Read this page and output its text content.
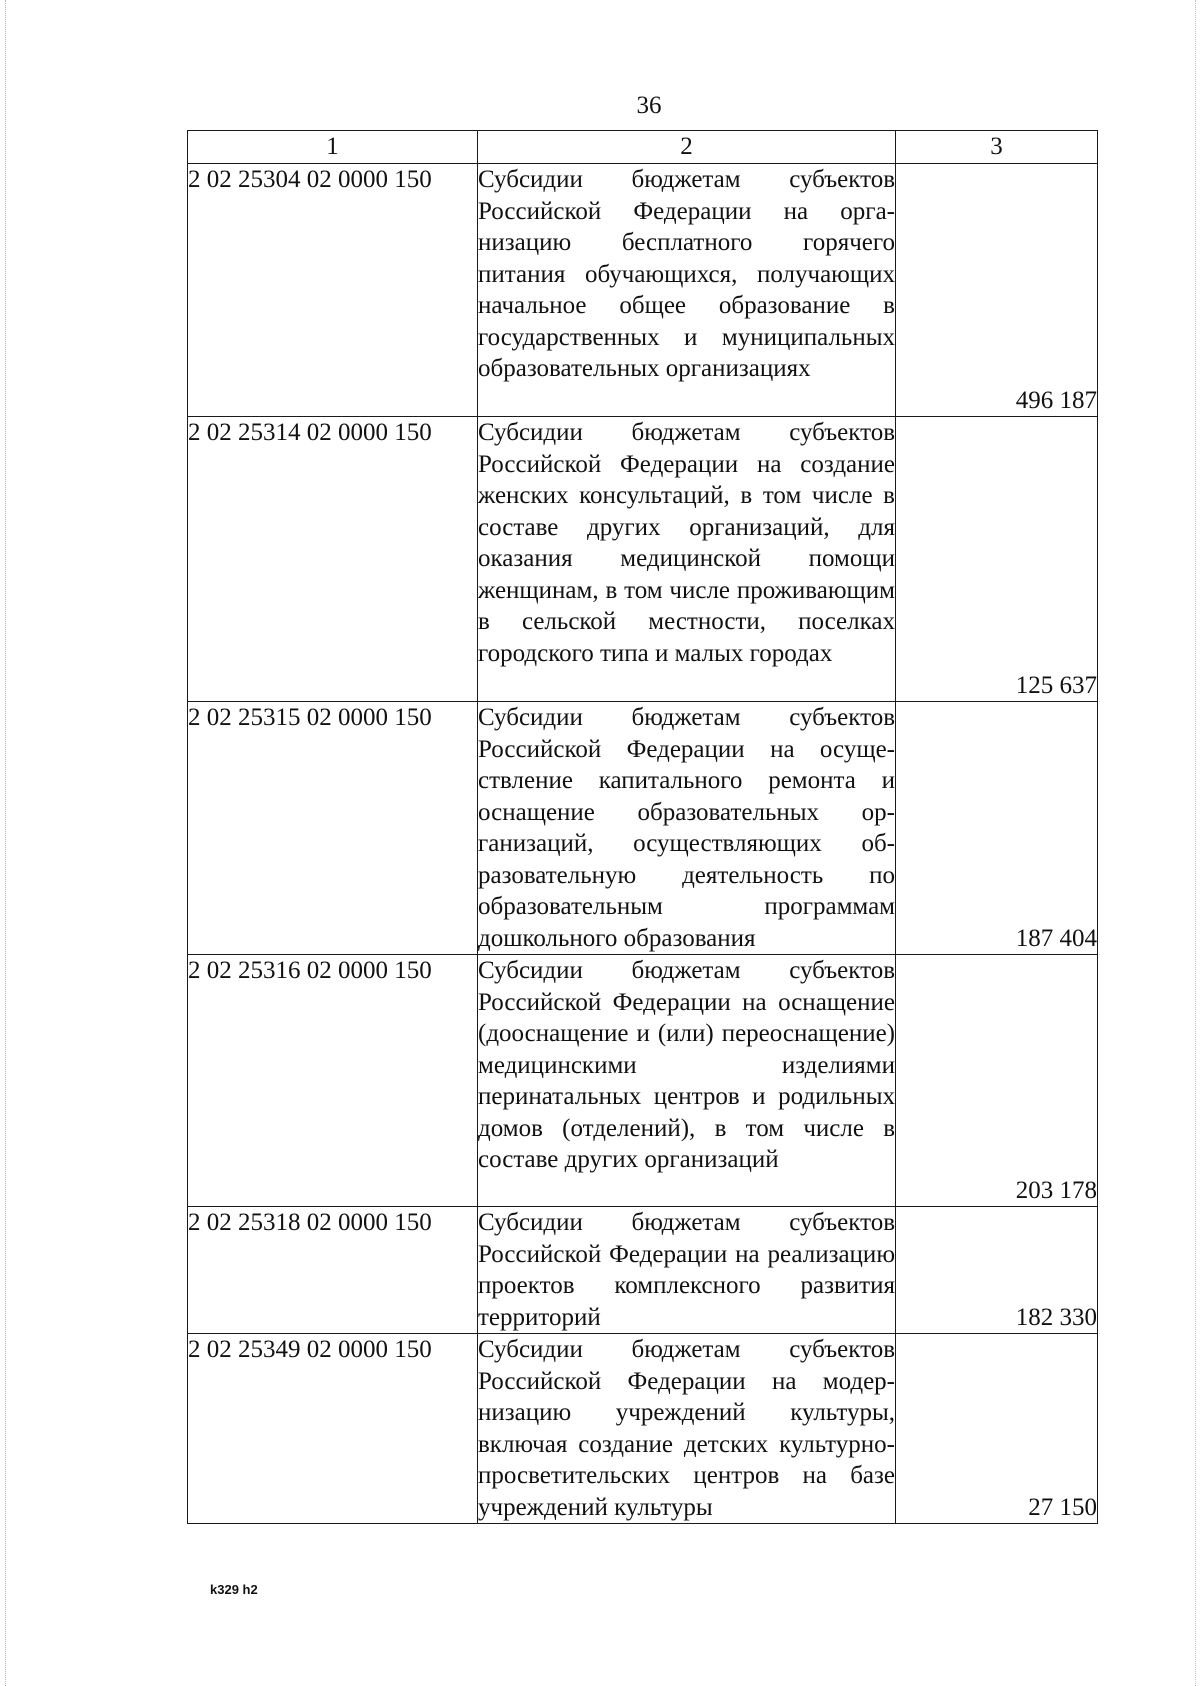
36
1	2	3
2 02 25304 02 0000 150	Субсидии бюджетам субъектов Российской Федерации на организацию бесплатного горячего питания обучающихся, получающих начальное общее образование в государственных и муниципальных образовательных организациях	496 187
2 02 25314 02 0000 150	Субсидии бюджетам субъектов Российской Федерации на создание женских консультаций, в том числе в составе других организаций, для оказания медицинской помощи женщинам, в том числе проживающим в сельской местности, поселках городского типа и малых городах	125 637
2 02 25315 02 0000 150	Субсидии бюджетам субъектов Российской Федерации на осуществление капитального ремонта и оснащение образовательных организаций, осуществляющих образовательную деятельность по образовательным программам дошкольного образования	187 404
2 02 25316 02 0000 150	Субсидии бюджетам субъектов Российской Федерации на оснащение (дооснащение и (или) переоснащение) медицинскими изделиями перинатальных центров и родильных домов (отделений), в том числе в составе других организаций	203 178
2 02 25318 02 0000 150	Субсидии бюджетам субъектов Российской Федерации на реализацию проектов комплексного развития территорий	182 330
2 02 25349 02 0000 150	Субсидии бюджетам субъектов Российской Федерации на модернизацию учреждений культуры, включая создание детских культурно-просветительских центров на базе учреждений культуры	27 150
k329 h2
